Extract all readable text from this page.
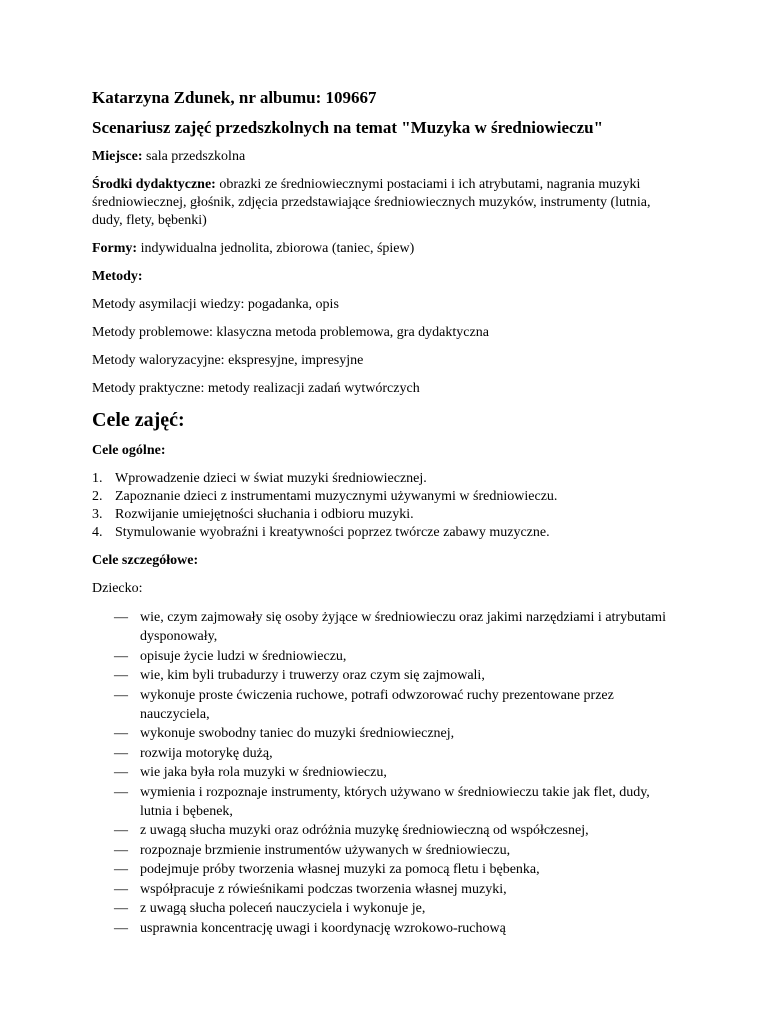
Katarzyna Zdunek, nr albumu: 109667
Scenariusz zajęć przedszkolnych na temat "Muzyka w średniowieczu"

Miejsce: sala przedszkolna

Środki dydaktyczne: obrazki ze średniowiecznymi postaciami i ich atrybutami, nagrania muzyki średniowiecznej, głośnik, zdjęcia przedstawiające średniowiecznych muzyków, instrumenty (lutnia, dudy, flety, bębenki)

Formy: indywidualna jednolita, zbiorowa (taniec, śpiew)

Metody:

Metody asymilacji wiedzy: pogadanka, opis

Metody problemowe: klasyczna metoda problemowa, gra dydaktyczna

Metody waloryzacyjne: ekspresyjne, impresyjne

Metody praktyczne: metody realizacji zadań wytwórczych

Cele zajęć:
Cele ogólne:
1. Wprowadzenie dzieci w świat muzyki średniowiecznej.
2. Zapoznanie dzieci z instrumentami muzycznymi używanymi w średniowieczu.
3. Rozwijanie umiejętności słuchania i odbioru muzyki.
4. Stymulowanie wyobraźni i kreatywności poprzez twórcze zabawy muzyczne.
Cele szczegółowe:

Dziecko:

— wie, czym zajmowały się osoby żyjące w średniowieczu oraz jakimi narzędziami i atrybutami dysponowały,
— opisuje życie ludzi w średniowieczu,
— wie, kim byli trubadurzy i truwerzy oraz czym się zajmowali,
— wykonuje proste ćwiczenia ruchowe, potrafi odwzorować ruchy prezentowane przez nauczyciela,
— wykonuje swobodny taniec do muzyki średniowiecznej,
— rozwija motorykę dużą,
— wie jaka była rola muzyki w średniowieczu,
— wymienia i rozpoznaje instrumenty, których używano w średniowieczu takie jak flet, dudy, lutnia i bębenek,
— z uwagą słucha muzyki oraz odróżnia muzykę średniowieczną od współczesnej,
— rozpoznaje brzmienie instrumentów używanych w średniowieczu,
— podejmuje próby tworzenia własnej muzyki za pomocą fletu i bębenka,
— współpracuje z rówieśnikami podczas tworzenia własnej muzyki,
— z uwagą słucha poleceń nauczyciela i wykonuje je,
— usprawnia koncentrację uwagi i koordynację wzrokowo-ruchową
